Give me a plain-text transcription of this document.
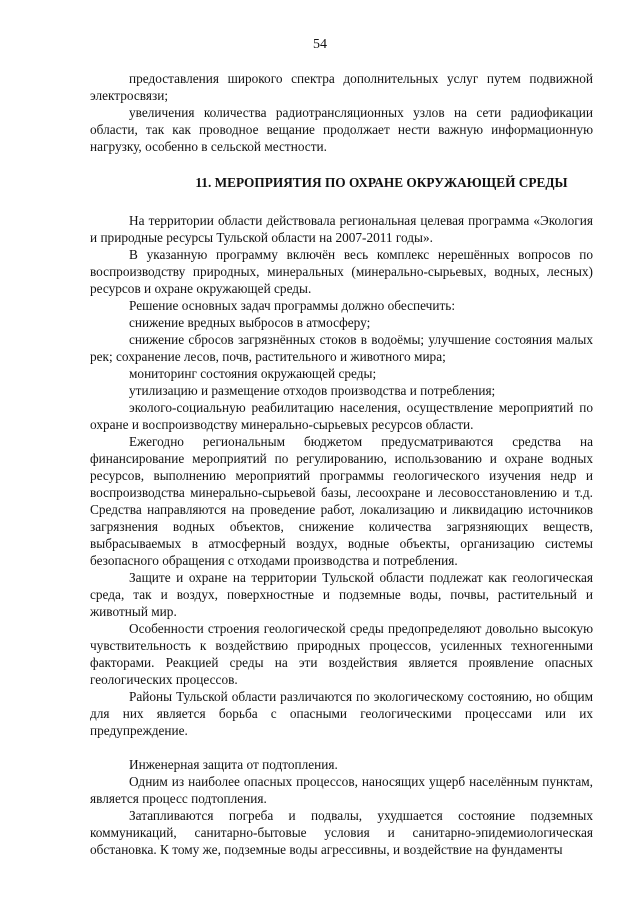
54

предоставления широкого спектра дополнительных услуг путем подвижной электросвязи;

увеличения количества радиотрансляционных узлов на сети радиофикации области, так как проводное вещание продолжает нести важную информационную нагрузку, особенно в сельской местности.

11. МЕРОПРИЯТИЯ ПО ОХРАНЕ ОКРУЖАЮЩЕЙ СРЕДЫ

На территории области действовала региональная целевая программа «Экология и природные ресурсы Тульской области на 2007-2011 годы».

В указанную программу включён весь комплекс нерешённых вопросов по воспроизводству природных, минеральных (минерально-сырьевых, водных, лесных) ресурсов и охране окружающей среды.

Решение основных задач программы должно обеспечить:

снижение вредных выбросов в атмосферу;

снижение сбросов загрязнённых стоков в водоёмы; улучшение состояния малых рек; сохранение лесов, почв, растительного и животного мира;

мониторинг состояния окружающей среды;

утилизацию и размещение отходов производства и потребления;

эколого-социальную реабилитацию населения, осуществление мероприятий по охране и воспроизводству минерально-сырьевых ресурсов области.

Ежегодно региональным бюджетом предусматриваются средства на финансирование мероприятий по регулированию, использованию и охране водных ресурсов, выполнению мероприятий программы геологического изучения недр и воспроизводства минерально-сырьевой базы, лесоохране и лесовосстановлению и т.д. Средства направляются на проведение работ, локализацию и ликвидацию источников загрязнения водных объектов, снижение количества загрязняющих веществ, выбрасываемых в атмосферный воздух, водные объекты, организацию системы безопасного обращения с отходами производства и потребления.

Защите и охране на территории Тульской области подлежат как геологическая среда, так и воздух, поверхностные и подземные воды, почвы, растительный и животный мир.

Особенности строения геологической среды предопределяют довольно высокую чувствительность к воздействию природных процессов, усиленных техногенными факторами. Реакцией среды на эти воздействия является проявление опасных геологических процессов.

Районы Тульской области различаются по экологическому состоянию, но общим для них является борьба с опасными геологическими процессами или их предупреждение.

Инженерная защита от подтопления.

Одним из наиболее опасных процессов, наносящих ущерб населённым пунктам, является процесс подтопления.

Затапливаются погреба и подвалы, ухудшается состояние подземных коммуникаций, санитарно-бытовые условия и санитарно-эпидемиологическая обстановка. К тому же, подземные воды агрессивны, и воздействие на фундаменты
